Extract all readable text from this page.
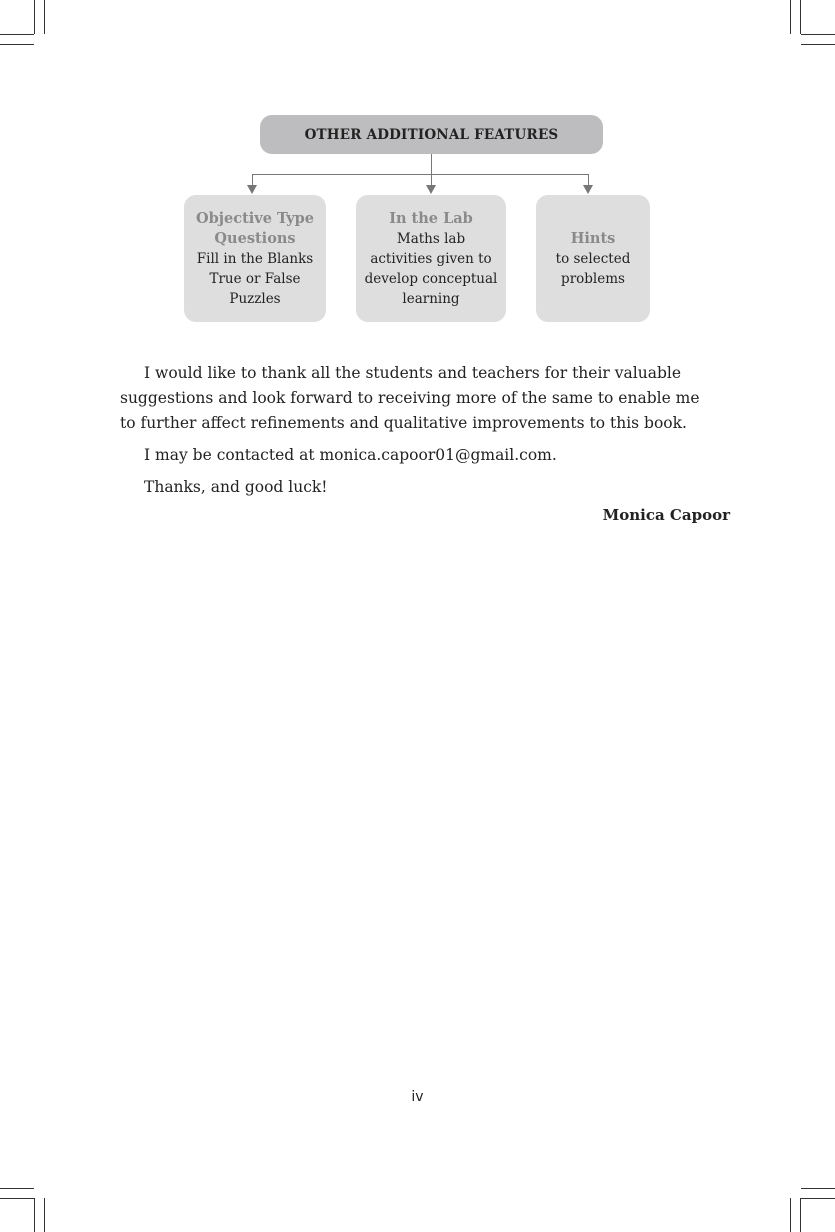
OTHER ADDITIONAL FEATURES
Objective Type Questions
Fill in the Blanks
True or False
Puzzles
In the Lab
Maths lab
activities given to
develop conceptual
learning
Hints
to selected
problems

I would like to thank all the students and teachers for their valuable suggestions and look forward to receiving more of the same to enable me to further affect refinements and qualitative improvements to this book.

I may be contacted at monica.capoor01@gmail.com.

Thanks, and good luck!

Monica Capoor
iv
